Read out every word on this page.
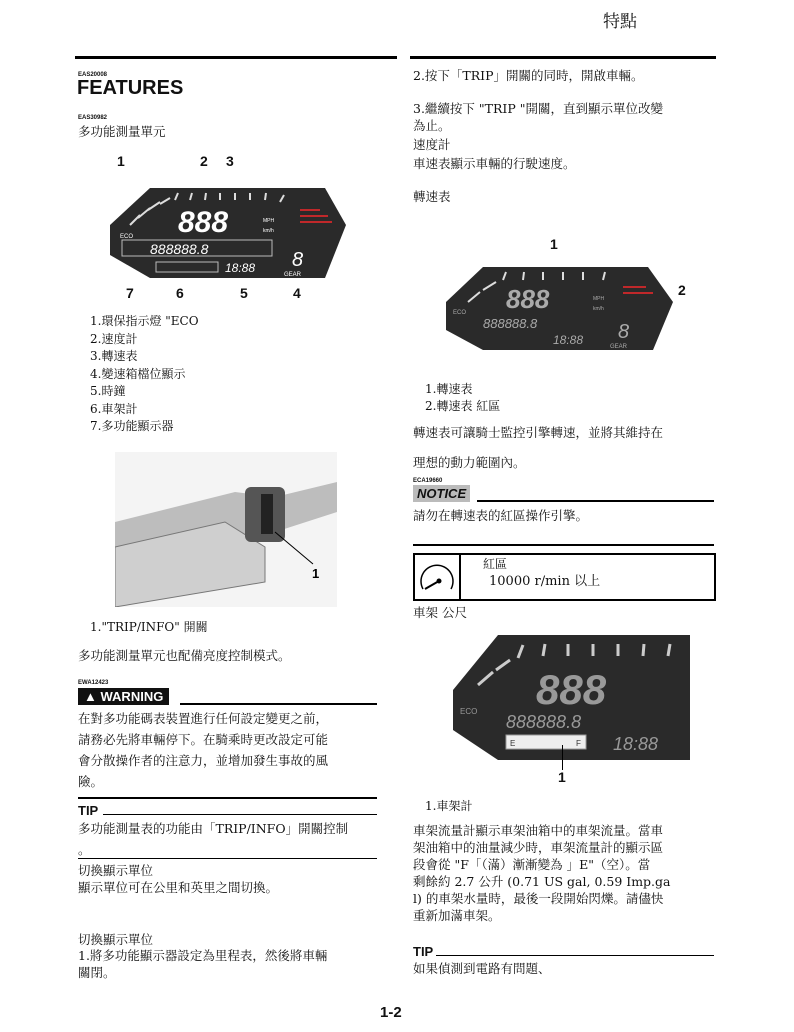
特點
EAS20008
FEATURES
EAS30982
多功能測量單元
1	2 3
7	6	5	4
888	MPH
km/h
ECO
888888.8
18:88 8
GEAR
1.環保指示燈 "ECO
2.速度計
3.轉速表
4.變速箱檔位顯示
5.時鐘
6.車架計
7.多功能顯示器
1
1."TRIP/INFO" 開關
多功能測量單元也配備亮度控制模式。
EWA12423
▲ WARNING
在對多功能碼表裝置進行任何設定變更之前，
請務必先將車輛停下。在騎乘時更改設定可能
會分散操作者的注意力，並增加發生事故的風
險。
TIP
多功能測量表的功能由「TRIP/INFO」開關控制
。
切換顯示單位
顯示單位可在公里和英里之間切換。
切換顯示單位
1.將多功能顯示器設定為里程表，然後將車輛
關閉。
2.按下「TRIP」開關的同時，開啟車輛。
3.繼續按下 "TRIP "開關，直到顯示單位改變
為止。
速度計
車速表顯示車輛的行駛速度。
轉速表
1
2
888	MPH
km/h
ECO
888888.8
18:88 8
GEAR
1.轉速表
2.轉速表 紅區
轉速表可讓騎士監控引擎轉速，並將其維持在
理想的動力範圍內。
ECA19660
NOTICE
請勿在轉速表的紅區操作引擎。
紅區
10000 r/min 以上
車架 公尺
888
ECO
888888.8
E	F 18:88
1
1.車架計
車架流量計顯示車架油箱中的車架流量。當車
架油箱中的油量減少時，車架流量計的顯示區
段會從 "F「（滿）漸漸變為 」E"（空）。當
剩餘約 2.7 公升 (0.71 US gal, 0.59 Imp.ga
l) 的車架水量時，最後一段開始閃爍。請儘快
重新加滿車架。
TIP
如果偵測到電路有問題、
1-2
